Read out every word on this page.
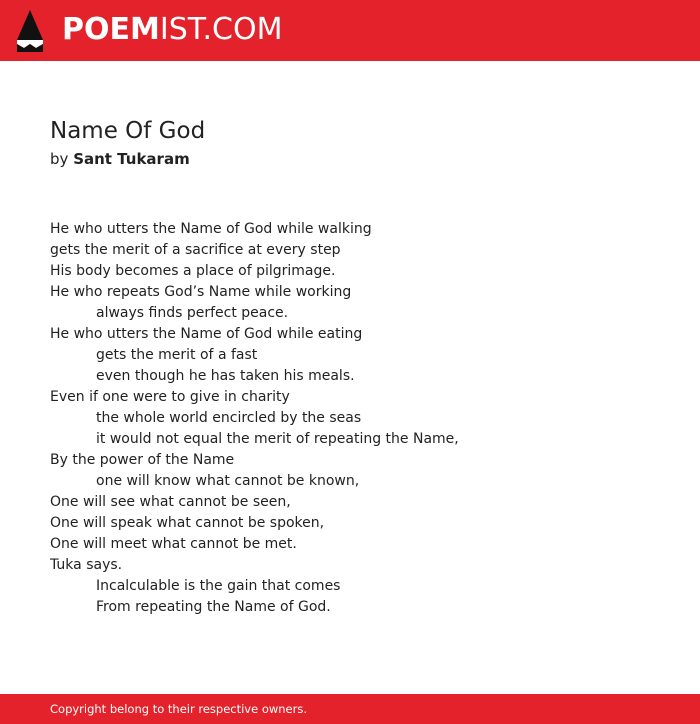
POEMIST.COM
Name Of God
by Sant Tukaram
He who utters the Name of God while walking
gets the merit of a sacrifice at every step
His body becomes a place of pilgrimage.
He who repeats God’s Name while working
always finds perfect peace.
He who utters the Name of God while eating
gets the merit of a fast
even though he has taken his meals.
Even if one were to give in charity
the whole world encircled by the seas
it would not equal the merit of repeating the Name,
By the power of the Name
one will know what cannot be known,
One will see what cannot be seen,
One will speak what cannot be spoken,
One will meet what cannot be met.
Tuka says.
Incalculable is the gain that comes
From repeating the Name of God.
Copyright belong to their respective owners.
